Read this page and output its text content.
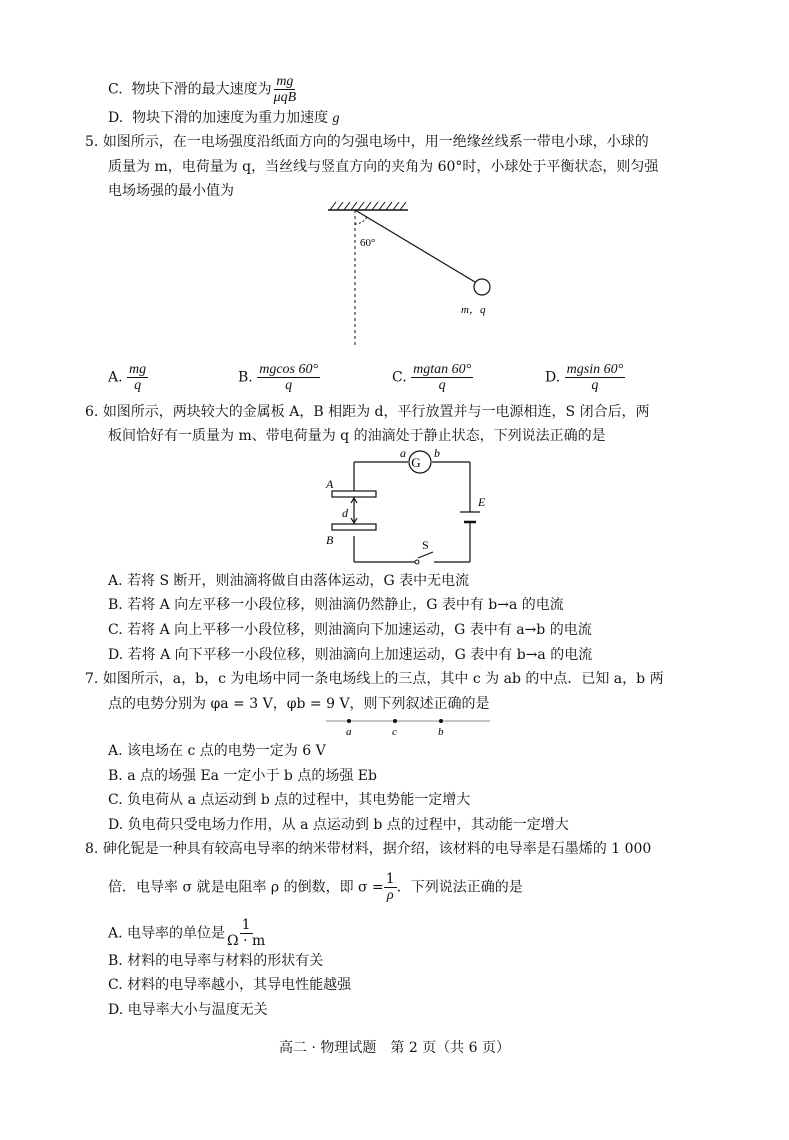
C. 物块下滑的最大速度为 $\frac{mg}{\text{μqB}}$
D. 物块下滑的加速度为重力加速度 g
5. 如图所示，在一电场强度沿纸面方向的匀强电场中，用一绝缘丝线系一带电小球，小球的
质量为 m，电荷量为 q，当丝线与竖直方向的夹角为 60°时，小球处于平衡状态，则匀强
电场场强的最小值为
60°
m，q
A. $\frac{mg}{q}$	B. $\frac{mgcos 60^\circ}{q}$	C. $\frac{mgtan 60^\circ}{q}$	D. $\frac{mgsin 60^\circ}{q}$
6. 如图所示，两块较大的金属板 A，B 相距为 d，平行放置并与一电源相连，S 闭合后，两
板间恰好有一质量为 m、带电荷量为 q 的油滴处于静止状态，下列说法正确的是
G
a b
A
B
d
E
S
A. 若将 S 断开，则油滴将做自由落体运动，G 表中无电流
B. 若将 A 向左平移一小段位移，则油滴仍然静止，G 表中有 b→a 的电流
C. 若将 A 向上平移一小段位移，则油滴向下加速运动，G 表中有 a→b 的电流
D. 若将 A 向下平移一小段位移，则油滴向上加速运动，G 表中有 b→a 的电流
7. 如图所示，a，b，c 为电场中同一条电场线上的三点，其中 c 为 ab 的中点．已知 a，b 两
点的电势分别为 φa = 3 V，φb = 9 V，则下列叙述正确的是
a	c	b
A. 该电场在 c 点的电势一定为 6 V
B. a 点的场强 Ea 一定小于 b 点的场强 Eb
C. 负电荷从 a 点运动到 b 点的过程中，其电势能一定增大
D. 负电荷只受电场力作用，从 a 点运动到 b 点的过程中，其动能一定增大
8. 砷化铌是一种具有较高电导率的纳米带材料，据介绍，该材料的电导率是石墨烯的 1 000
倍．电导率 σ 就是电阻率 ρ 的倒数，即 $\sigma = \frac{1}{\rho}$ ．下列说法正确的是
A. 电导率的单位是 $\frac{1}{\Omega \cdot m}$
B. 材料的电导率与材料的形状有关
C. 材料的电导率越小，其导电性能越强
D. 电导率大小与温度无关
高二 · 物理试题　第 2 页（共 6 页）
